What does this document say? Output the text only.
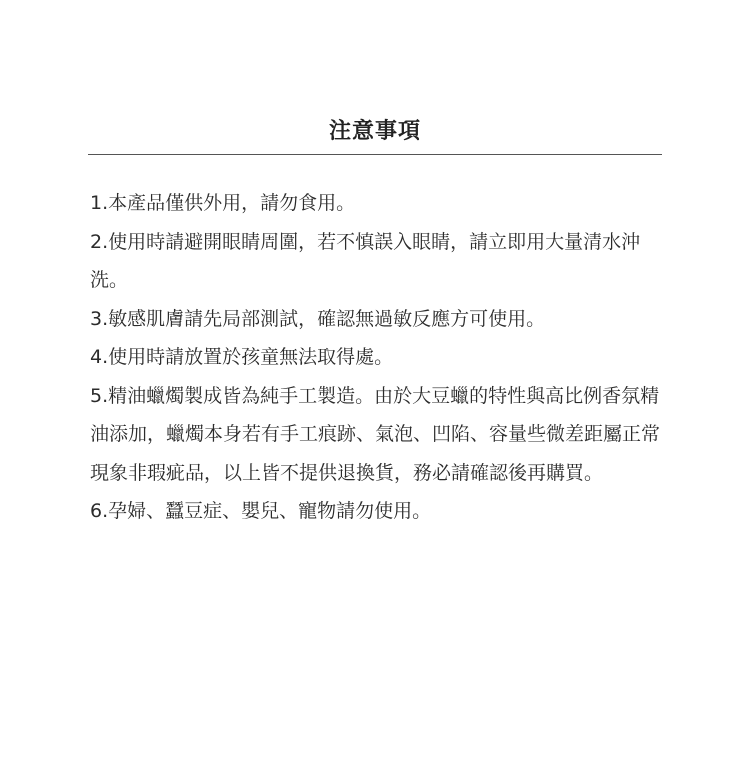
注意事項
1.本產品僅供外用，請勿食用。
2.使用時請避開眼睛周圍，若不慎誤入眼睛，請立即用大量清水沖洗。
3.敏感肌膚請先局部測試，確認無過敏反應方可使用。
4.使用時請放置於孩童無法取得處。
5.精油蠟燭製成皆為純手工製造。由於大豆蠟的特性與高比例香氛精油添加，蠟燭本身若有手工痕跡、氣泡、凹陷、容量些微差距屬正常現象非瑕疵品，以上皆不提供退換貨，務必請確認後再購買。
6.孕婦、蠶豆症、嬰兒、寵物請勿使用。
